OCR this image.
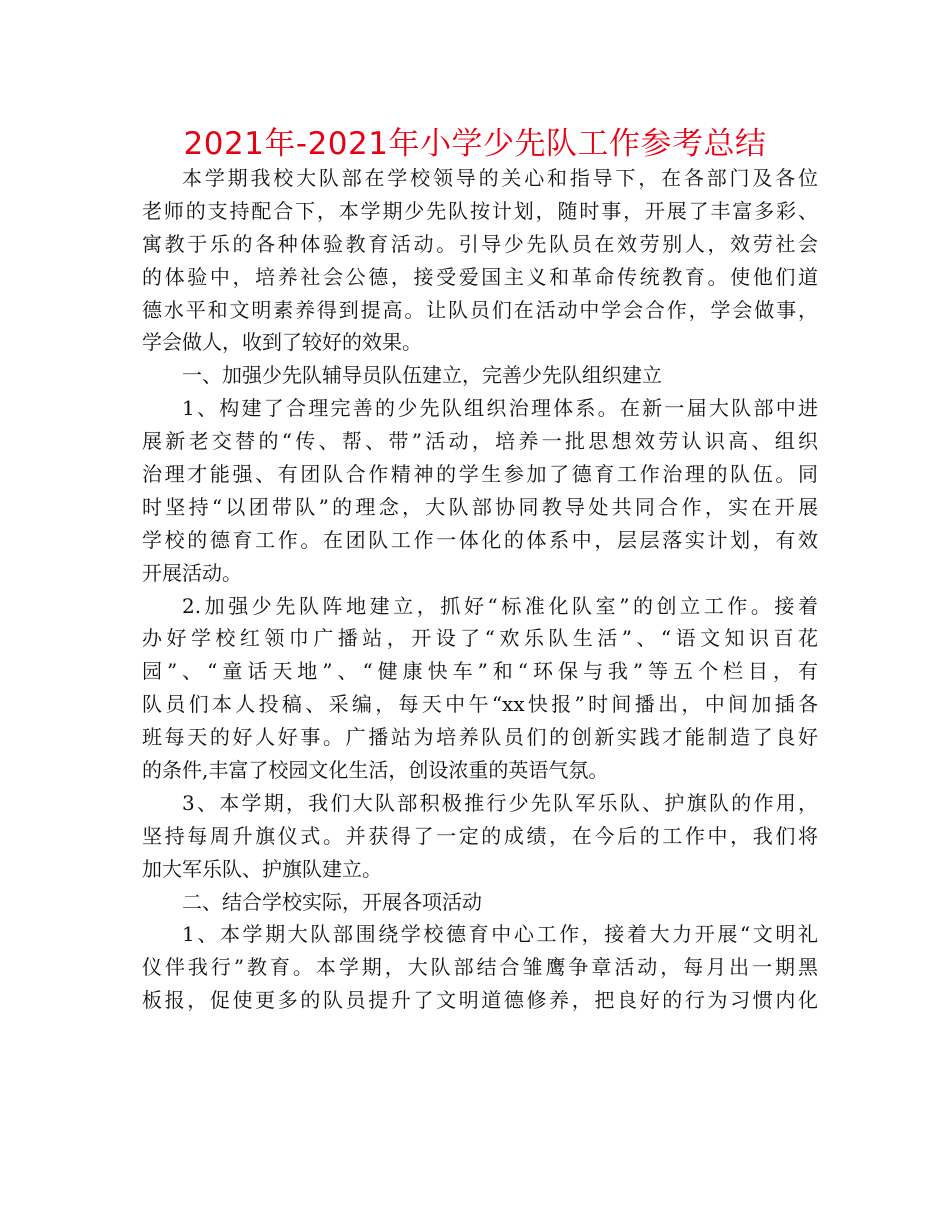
2021年-2021年小学少先队工作参考总结
本学期我校大队部在学校领导的关心和指导下，在各部门及各位
老师的支持配合下，本学期少先队按计划，随时事，开展了丰富多彩、
寓教于乐的各种体验教育活动。引导少先队员在效劳别人，效劳社会
的体验中，培养社会公德，接受爱国主义和革命传统教育。使他们道
德水平和文明素养得到提高。让队员们在活动中学会合作，学会做事，
学会做人，收到了较好的效果。
一、加强少先队辅导员队伍建立，完善少先队组织建立
1、构建了合理完善的少先队组织治理体系。在新一届大队部中进
展新老交替的“传、帮、带”活动，培养一批思想效劳认识高、组织
治理才能强、有团队合作精神的学生参加了德育工作治理的队伍。同
时坚持“以团带队”的理念，大队部协同教导处共同合作，实在开展
学校的德育工作。在团队工作一体化的体系中，层层落实计划，有效
开展活动。
2.加强少先队阵地建立，抓好“标准化队室”的创立工作。接着
办好学校红领巾广播站，开设了“欢乐队生活”、“语文知识百花
园”、“童话天地”、“健康快车”和“环保与我”等五个栏目，有
队员们本人投稿、采编，每天中午“xx快报”时间播出，中间加插各
班每天的好人好事。广播站为培养队员们的创新实践才能制造了良好
的条件,丰富了校园文化生活，创设浓重的英语气氛。
3、本学期，我们大队部积极推行少先队军乐队、护旗队的作用，
坚持每周升旗仪式。并获得了一定的成绩，在今后的工作中，我们将
加大军乐队、护旗队建立。
二、结合学校实际，开展各项活动
1、本学期大队部围绕学校德育中心工作，接着大力开展“文明礼
仪伴我行”教育。本学期，大队部结合雏鹰争章活动，每月出一期黑
板报，促使更多的队员提升了文明道德修养，把良好的行为习惯内化
